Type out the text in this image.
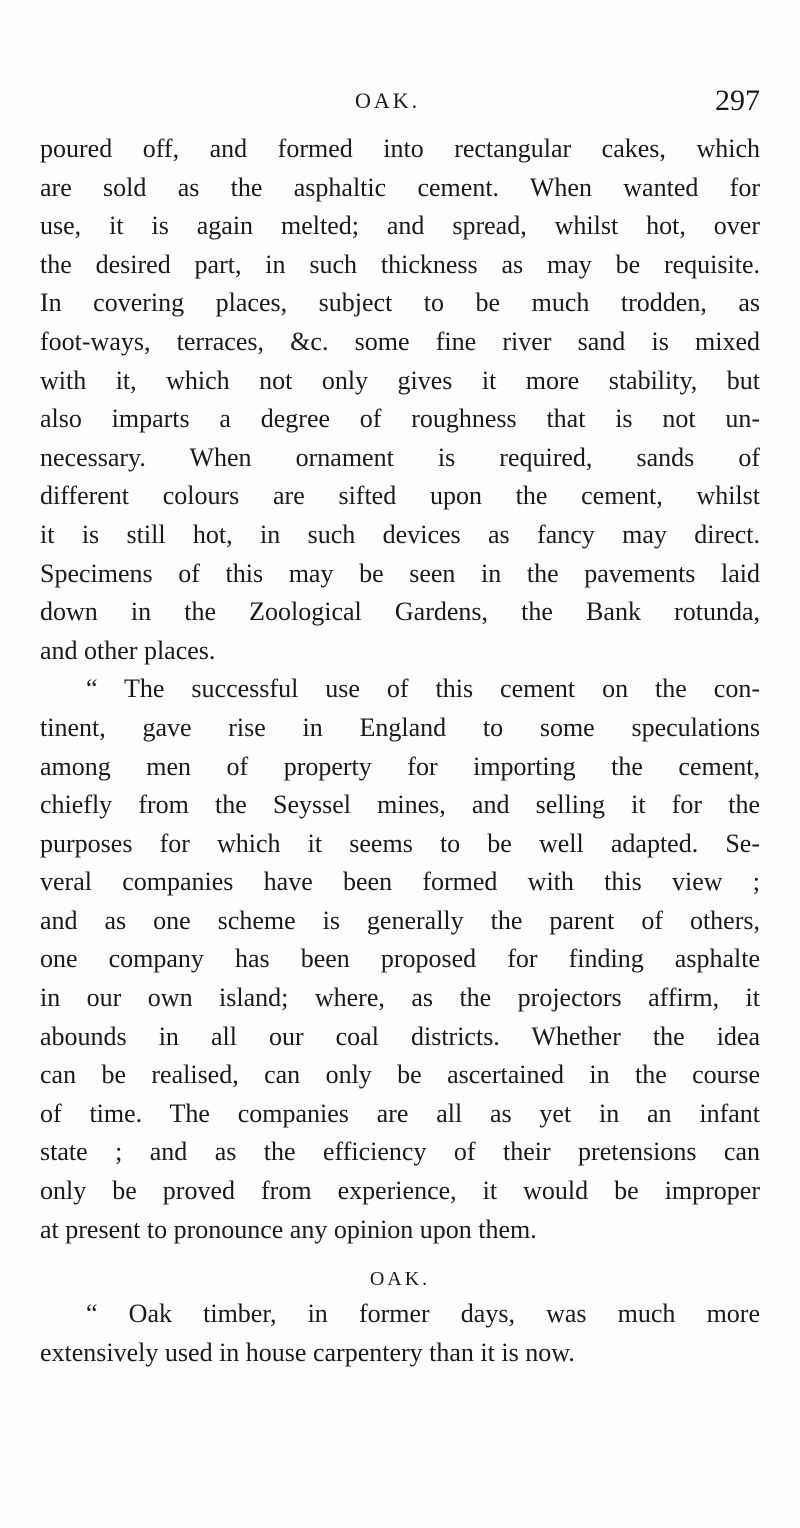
OAK.	297
poured off, and formed into rectangular cakes, which
are sold as the asphaltic cement. When wanted for
use, it is again melted; and spread, whilst hot, over
the desired part, in such thickness as may be requisite.
In covering places, subject to be much trodden, as
foot-ways, terraces, &c. some fine river sand is mixed
with it, which not only gives it more stability, but
also imparts a degree of roughness that is not un-
necessary. When ornament is required, sands of
different colours are sifted upon the cement, whilst
it is still hot, in such devices as fancy may direct.
Specimens of this may be seen in the pavements laid
down in the Zoological Gardens, the Bank rotunda,
and other places.
“ The successful use of this cement on the con-
tinent, gave rise in England to some speculations
among men of property for importing the cement,
chiefly from the Seyssel mines, and selling it for the
purposes for which it seems to be well adapted. Se-
veral companies have been formed with this view ;
and as one scheme is generally the parent of others,
one company has been proposed for finding asphalte
in our own island; where, as the projectors affirm, it
abounds in all our coal districts. Whether the idea
can be realised, can only be ascertained in the course
of time. The companies are all as yet in an infant
state ; and as the efficiency of their pretensions can
only be proved from experience, it would be improper
at present to pronounce any opinion upon them.
OAK.
“ Oak timber, in former days, was much more
extensively used in house carpentery than it is now.
